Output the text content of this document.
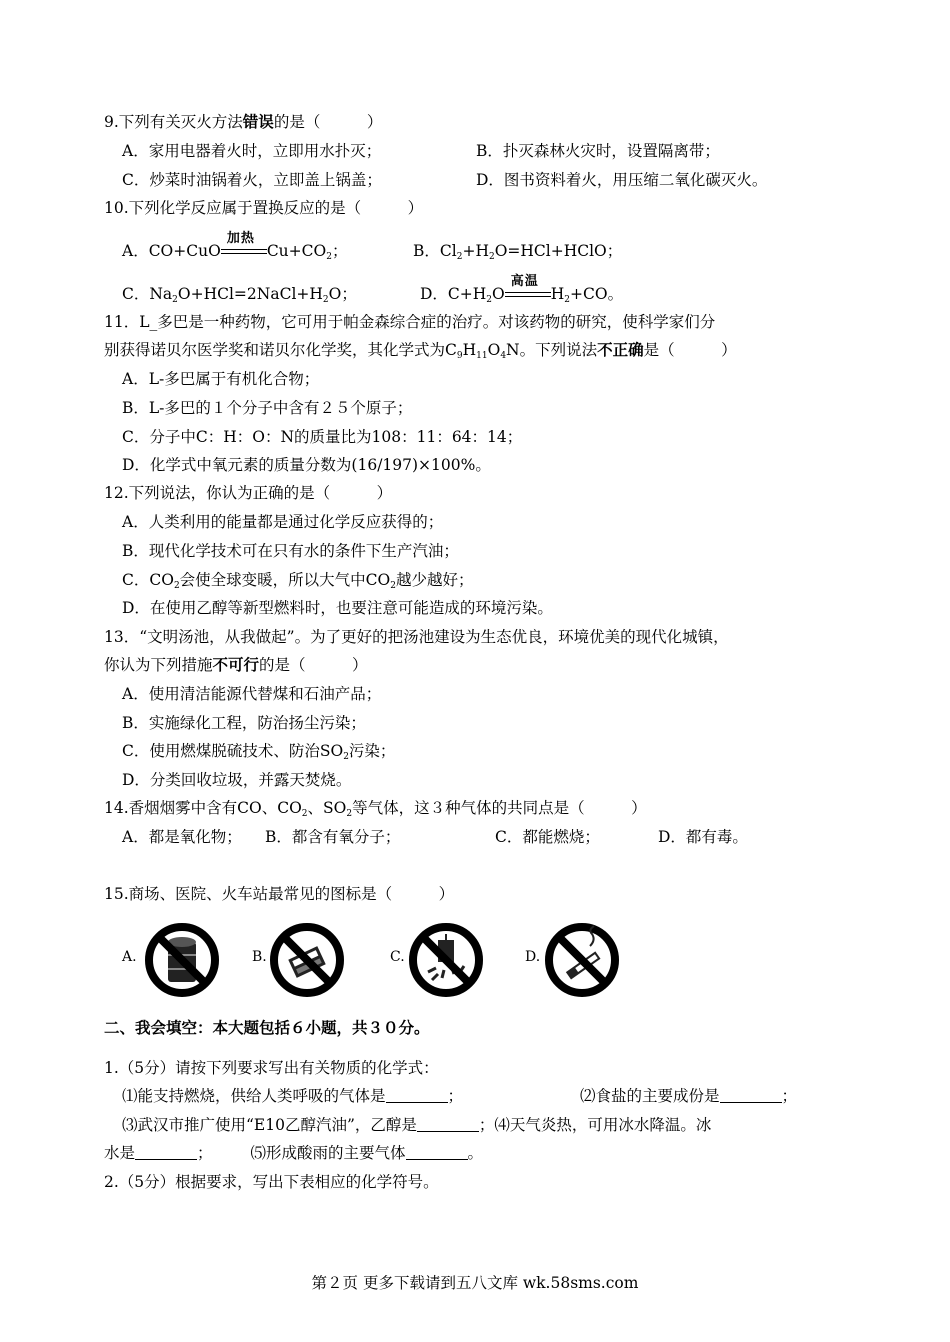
9.下列有关灭火方法错误的是（　　　）
A．家用电器着火时，立即用水扑灭；	B．扑灭森林火灾时，设置隔离带；
C．炒菜时油锅着火，立即盖上锅盖；	D．图书资料着火，用压缩二氧化碳灭火。
10.下列化学反应属于置换反应的是（　　　）
A．CO+CuO
加热
$Cu+CO_2$；	B．$Cl_2+H_2O=HCl+HClO$；
C．$Na_2O+HCl=2NaCl+H_2O$；	D．$C+H_2O$
高温
$H_2+CO$。
11．L_多巴是一种药物，它可用于帕金森综合症的治疗。对该药物的研究，使科学家们分
别获得诺贝尔医学奖和诺贝尔化学奖，其化学式为$C_9H_{11}O_4N$。下列说法不正确是（　　　）
A．L-多巴属于有机化合物；
B．L-多巴的１个分子中含有２５个原子；
C．分子中C：H：O：N的质量比为108：11：64：14；
D．化学式中氧元素的质量分数为(16/197)×100%。
12.下列说法，你认为正确的是（　　　）
A．人类利用的能量都是通过化学反应获得的；
B．现代化学技术可在只有水的条件下生产汽油；
C．$CO_2$会使全球变暖，所以大气中$CO_2$越少越好；
D．在使用乙醇等新型燃料时，也要注意可能造成的环境污染。
13．“文明汤池，从我做起”。为了更好的把汤池建设为生态优良，环境优美的现代化城镇，
你认为下列措施不可行的是（　　　）
A．使用清洁能源代替煤和石油产品；
B．实施绿化工程，防治扬尘污染；
C．使用燃煤脱硫技术、防治$SO_2$污染；
D．分类回收垃圾，并露天焚烧。
14.香烟烟雾中含有CO、$CO_2$、$SO_2$等气体，这３种气体的共同点是（　　　）
A．都是氧化物； B．都含有氧分子；	C．都能燃烧；	D．都有毒。
15.商场、医院、火车站最常见的图标是（　　　）
A.	B.	C.	D.
二、我会填空：本大题包括６小题，共３０分。
1.（5分）请按下列要求写出有关物质的化学式：
⑴能支持燃烧，供给人类呼吸的气体是	；	⑵食盐的主要成份是	；
⑶武汉市推广使用“E10乙醇汽油”，乙醇是	；⑷天气炎热，可用冰水降温。冰
水是	； ⑸形成酸雨的主要气体	。
2.（5分）根据要求，写出下表相应的化学符号。
第２页 更多下载请到五八文库 wk.58sms.com
